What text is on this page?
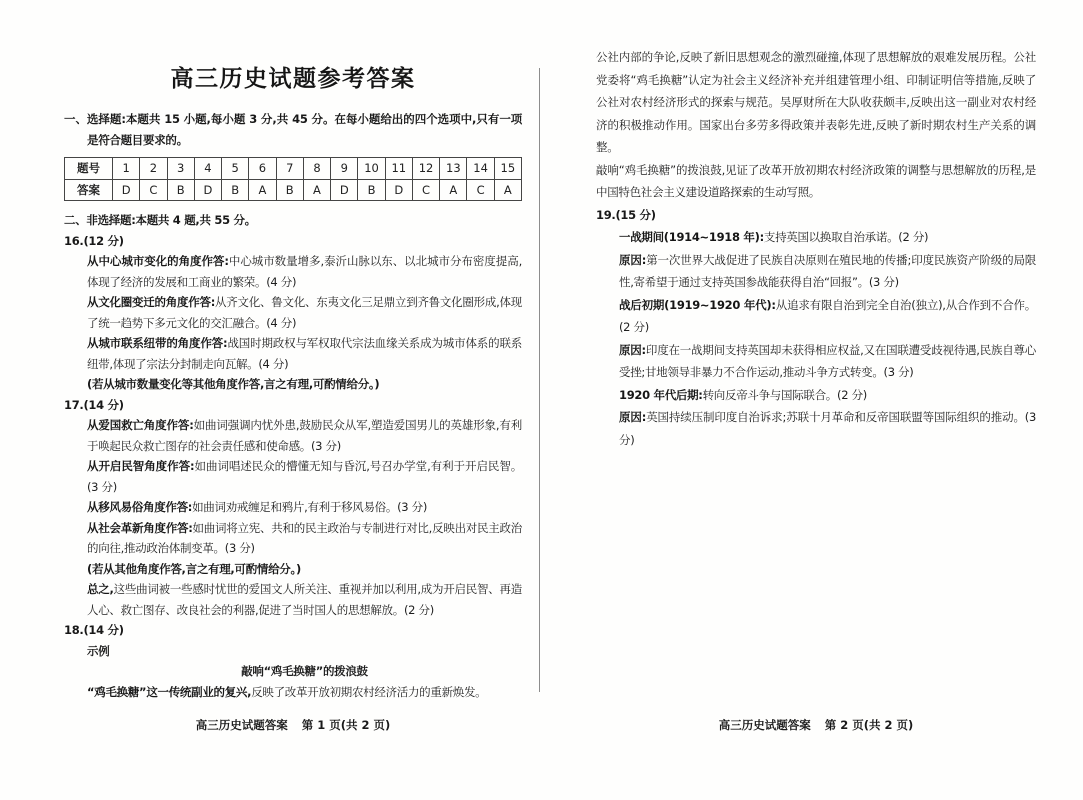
高三历史试题参考答案

一、选择题:本题共 15 小题,每小题 3 分,共 45 分。在每小题给出的四个选项中,只有一项是符合题目要求的。

题号	1	2	3	4	5	6	7	8	9	10	11	12	13	14	15
答案	D	C	B	D	B	A	B	A	D	B	D	C	A	C	A

二、非选择题:本题共 4 题,共 55 分。

16.(12 分)

从中心城市变化的角度作答:中心城市数量增多,泰沂山脉以东、以北城市分布密度提高,体现了经济的发展和工商业的繁荣。(4 分)

从文化圈变迁的角度作答:从齐文化、鲁文化、东夷文化三足鼎立到齐鲁文化圈形成,体现了统一趋势下多元文化的交汇融合。(4 分)

从城市联系纽带的角度作答:战国时期政权与军权取代宗法血缘关系成为城市体系的联系纽带,体现了宗法分封制走向瓦解。(4 分)

(若从城市数量变化等其他角度作答,言之有理,可酌情给分。)

17.(14 分)

从爱国救亡角度作答:如曲词强调内忧外患,鼓励民众从军,塑造爱国男儿的英雄形象,有利于唤起民众救亡图存的社会责任感和使命感。(3 分)

从开启民智角度作答:如曲词唱述民众的懵懂无知与昏沉,号召办学堂,有利于开启民智。(3 分)

从移风易俗角度作答:如曲词劝戒缠足和鸦片,有利于移风易俗。(3 分)

从社会革新角度作答:如曲词将立宪、共和的民主政治与专制进行对比,反映出对民主政治的向往,推动政治体制变革。(3 分)

(若从其他角度作答,言之有理,可酌情给分。)

总之,这些曲词被一些感时忧世的爱国文人所关注、重视并加以利用,成为开启民智、再造人心、救亡图存、改良社会的利器,促进了当时国人的思想解放。(2 分)

18.(14 分)

示例

敲响“鸡毛换糖”的拨浪鼓

“鸡毛换糖”这一传统副业的复兴,反映了改革开放初期农村经济活力的重新焕发。

公社内部的争论,反映了新旧思想观念的激烈碰撞,体现了思想解放的艰难发展历程。公社党委将“鸡毛换糖”认定为社会主义经济补充并组建管理小组、印制证明信等措施,反映了公社对农村经济形式的探索与规范。吴厚财所在大队收获颇丰,反映出这一副业对农村经济的积极推动作用。国家出台多劳多得政策并表彰先进,反映了新时期农村生产关系的调整。

敲响“鸡毛换糖”的拨浪鼓,见证了改革开放初期农村经济政策的调整与思想解放的历程,是中国特色社会主义建设道路探索的生动写照。

19.(15 分)

一战期间(1914~1918 年):支持英国以换取自治承诺。(2 分)

原因:第一次世界大战促进了民族自决原则在殖民地的传播;印度民族资产阶级的局限性,寄希望于通过支持英国参战能获得自治“回报”。(3 分)

战后初期(1919~1920 年代):从追求有限自治到完全自治(独立),从合作到不合作。(2 分)

原因:印度在一战期间支持英国却未获得相应权益,又在国联遭受歧视待遇,民族自尊心受挫;甘地领导非暴力不合作运动,推动斗争方式转变。(3 分)

1920 年代后期:转向反帝斗争与国际联合。(2 分)

原因:英国持续压制印度自治诉求;苏联十月革命和反帝国联盟等国际组织的推动。(3 分)

高三历史试题答案 第 1 页(共 2 页)	高三历史试题答案 第 2 页(共 2 页)
